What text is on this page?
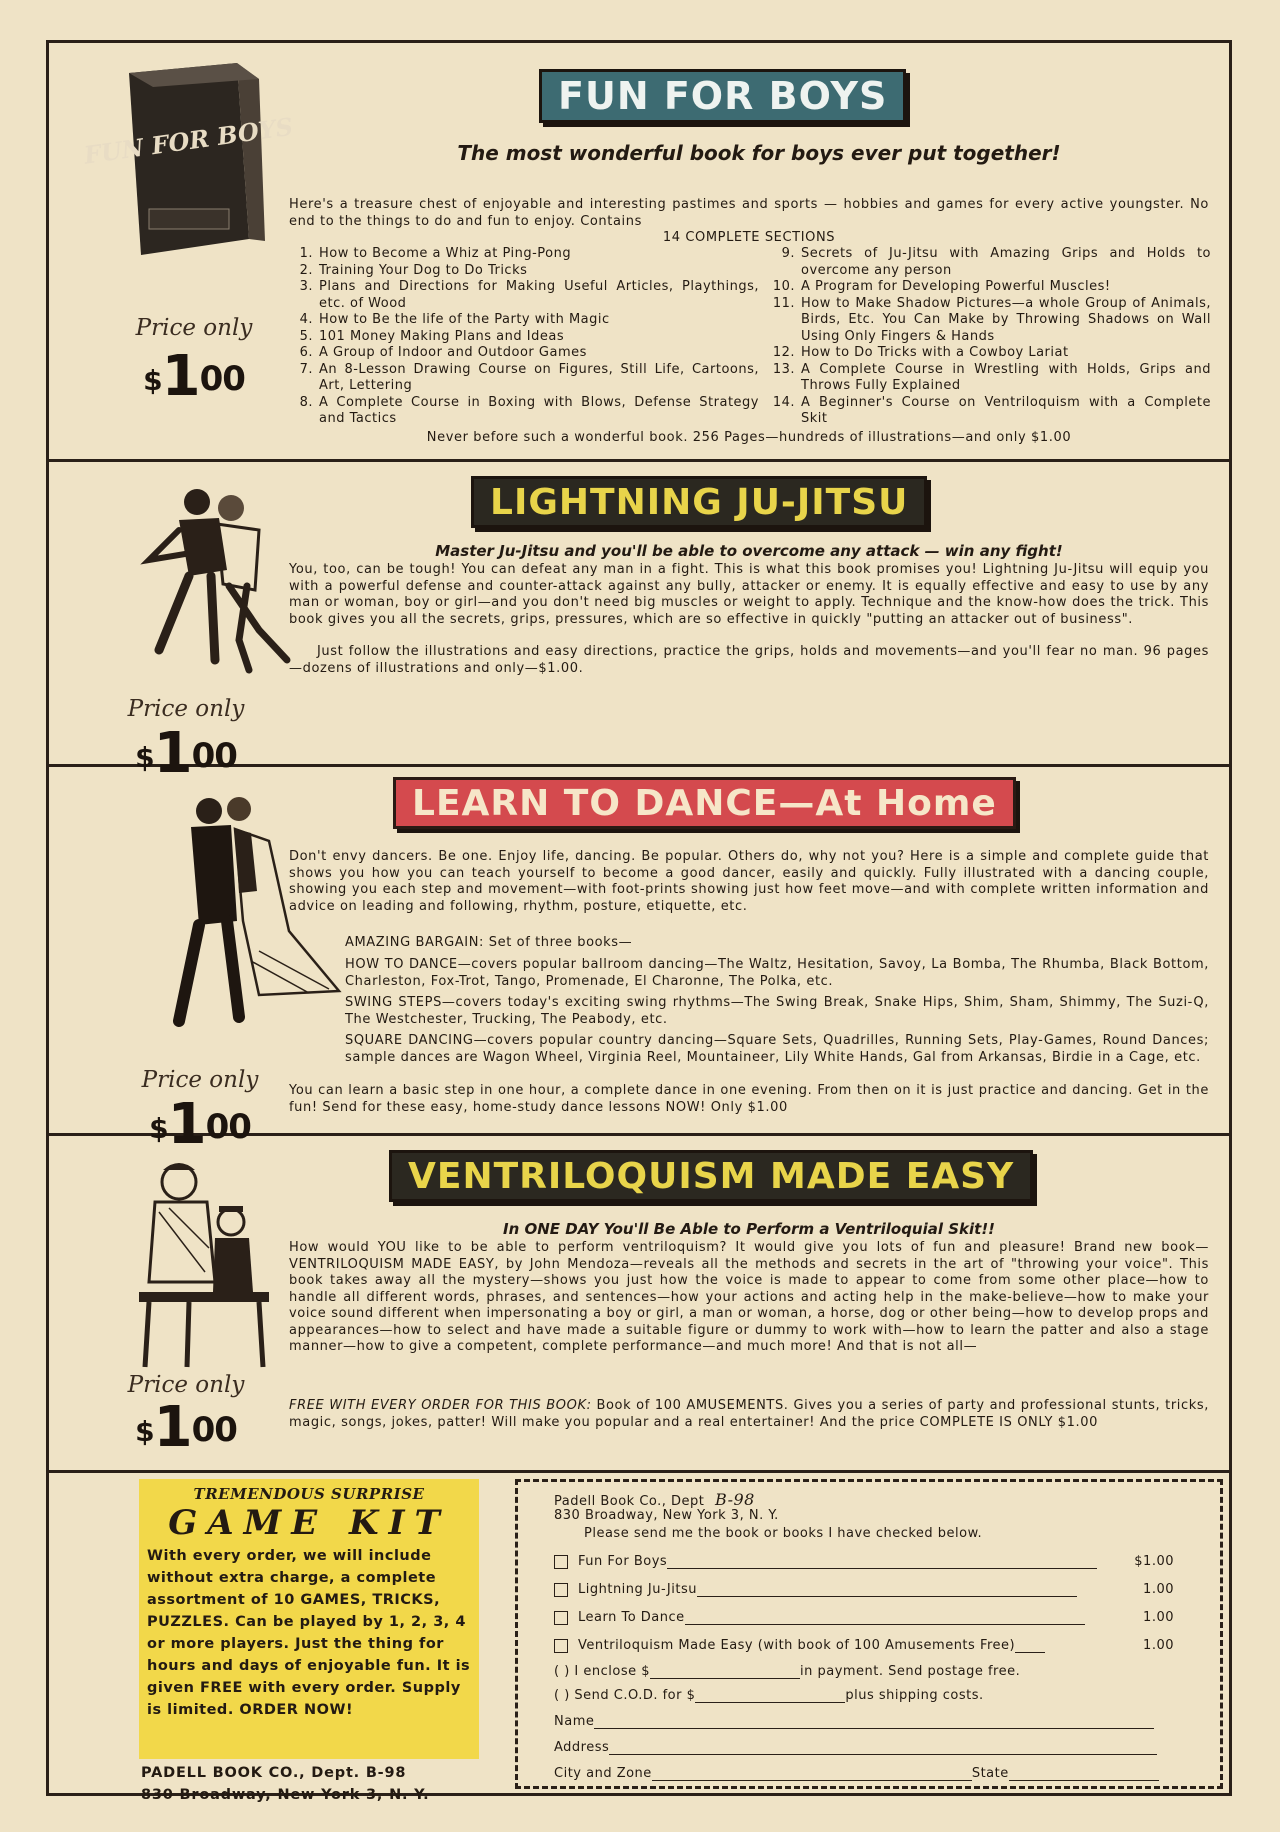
FUN FOR BOYS
Price only
$^{\$}1^{00}$
FUN FOR BOYS
The most wonderful book for boys ever put together!
Here's a treasure chest of enjoyable and interesting pastimes and sports — hobbies and games for every active youngster. No end to the things to do and fun to enjoy. Contains
14 COMPLETE SECTIONS
1. How to Become a Whiz at Ping-Pong
2. Training Your Dog to Do Tricks
3. Plans and Directions for Making Useful Articles, Playthings, etc. of Wood
4. How to Be the life of the Party with Magic
5. 101 Money Making Plans and Ideas
6. A Group of Indoor and Outdoor Games
7. An 8-Lesson Drawing Course on Figures, Still Life, Cartoons, Art, Lettering
8. A Complete Course in Boxing with Blows, Defense Strategy and Tactics
9. Secrets of Ju-Jitsu with Amazing Grips and Holds to overcome any person
10. A Program for Developing Powerful Muscles!
11. How to Make Shadow Pictures—a whole Group of Animals, Birds, Etc. You Can Make by Throwing Shadows on Wall Using Only Fingers & Hands
12. How to Do Tricks with a Cowboy Lariat
13. A Complete Course in Wrestling with Holds, Grips and Throws Fully Explained
14. A Beginner's Course on Ventriloquism with a Complete Skit
Never before such a wonderful book. 256 Pages—hundreds of illustrations—and only $1.00
Price only
$^{\$}1^{00}$
LIGHTNING JU-JITSU
Master Ju-Jitsu and you'll be able to overcome any attack — win any fight!

You, too, can be tough! You can defeat any man in a fight. This is what this book promises you! Lightning Ju-Jitsu will equip you with a powerful defense and counter-attack against any bully, attacker or enemy. It is equally effective and easy to use by any man or woman, boy or girl—and you don't need big muscles or weight to apply. Technique and the know-how does the trick. This book gives you all the secrets, grips, pressures, which are so effective in quickly "putting an attacker out of business".

Just follow the illustrations and easy directions, practice the grips, holds and movements—and you'll fear no man. 96 pages—dozens of illustrations and only—$1.00.

Price only
$^{\$}1^{00}$
LEARN TO DANCE—At Home
Don't envy dancers. Be one. Enjoy life, dancing. Be popular. Others do, why not you? Here is a simple and complete guide that shows you how you can teach yourself to become a good dancer, easily and quickly. Fully illustrated with a dancing couple, showing you each step and movement—with foot-prints showing just how feet move—and with complete written information and advice on leading and following, rhythm, posture, etiquette, etc.
AMAZING BARGAIN: Set of three books—

HOW TO DANCE—covers popular ballroom dancing—The Waltz, Hesitation, Savoy, La Bomba, The Rhumba, Black Bottom, Charleston, Fox-Trot, Tango, Promenade, El Charonne, The Polka, etc.

SWING STEPS—covers today's exciting swing rhythms—The Swing Break, Snake Hips, Shim, Sham, Shimmy, The Suzi-Q, The Westchester, Trucking, The Peabody, etc.

SQUARE DANCING—covers popular country dancing—Square Sets, Quadrilles, Running Sets, Play-Games, Round Dances; sample dances are Wagon Wheel, Virginia Reel, Mountaineer, Lily White Hands, Gal from Arkansas, Birdie in a Cage, etc.

You can learn a basic step in one hour, a complete dance in one evening. From then on it is just practice and dancing. Get in the fun! Send for these easy, home-study dance lessons NOW! Only $1.00
Price only
$^{\$}1^{00}$
VENTRILOQUISM MADE EASY
In ONE DAY You'll Be Able to Perform a Ventriloquial Skit!!
How would YOU like to be able to perform ventriloquism? It would give you lots of fun and pleasure! Brand new book—VENTRILOQUISM MADE EASY, by John Mendoza—reveals all the methods and secrets in the art of "throwing your voice". This book takes away all the mystery—shows you just how the voice is made to appear to come from some other place—how to handle all different words, phrases, and sentences—how your actions and acting help in the make-believe—how to make your voice sound different when impersonating a boy or girl, a man or woman, a horse, dog or other being—how to develop props and appearances—how to select and have made a suitable figure or dummy to work with—how to learn the patter and also a stage manner—how to give a competent, complete performance—and much more! And that is not all—
FREE WITH EVERY ORDER FOR THIS BOOK: Book of 100 AMUSEMENTS. Gives you a series of party and professional stunts, tricks, magic, songs, jokes, patter! Will make you popular and a real entertainer! And the price COMPLETE IS ONLY $1.00
TREMENDOUS SURPRISE
GAME KIT
With every order, we will include without extra charge, a complete assortment of 10 GAMES, TRICKS, PUZZLES. Can be played by 1, 2, 3, 4 or more players. Just the thing for hours and days of enjoyable fun. It is given FREE with every order. Supply is limited. ORDER NOW!
PADELL BOOK CO., Dept. B-98
830 Broadway, New York 3, N. Y.
Padell Book Co., Dept B-98
830 Broadway, New York 3, N. Y.
Please send me the book or books I have checked below.
Fun For Boys	$1.00
Lightning Ju-Jitsu	1.00
Learn To Dance	1.00
Ventriloquism Made Easy (with book of 100 Amusements Free)	1.00
( ) I enclose $	in payment. Send postage free.
( ) Send C.O.D. for $	plus shipping costs.
Name
Address
City and Zone	State
